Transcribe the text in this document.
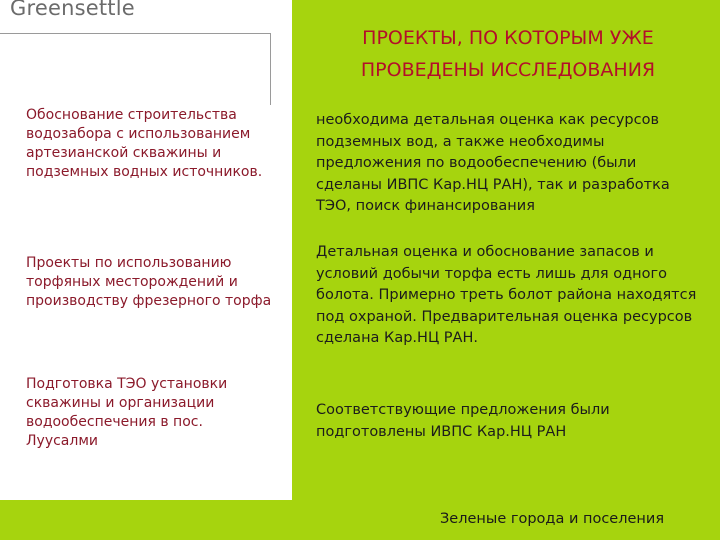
Greensettle
ПРОЕКТЫ, ПО КОТОРЫМ УЖЕ ПРОВЕДЕНЫ ИССЛЕДОВАНИЯ
Обоснование строительства водозабора с использованием артезианской скважины и подземных водных источников.
Проекты по использованию торфяных месторождений и производству фрезерного торфа
Подготовка ТЭО установки скважины и организации водообеспечения в пос. Луусалми
необходима детальная оценка как ресурсов подземных вод, а также необходимы предложения по водообеспечению (были сделаны ИВПС Кар.НЦ РАН), так и разработка ТЭО, поиск финансирования
Детальная оценка и обоснование запасов и условий добычи торфа есть лишь для одного болота. Примерно треть болот района находятся под охраной. Предварительная оценка ресурсов сделана Кар.НЦ РАН.
Соответствующие предложения были подготовлены ИВПС Кар.НЦ РАН
Зеленые города и поселения
